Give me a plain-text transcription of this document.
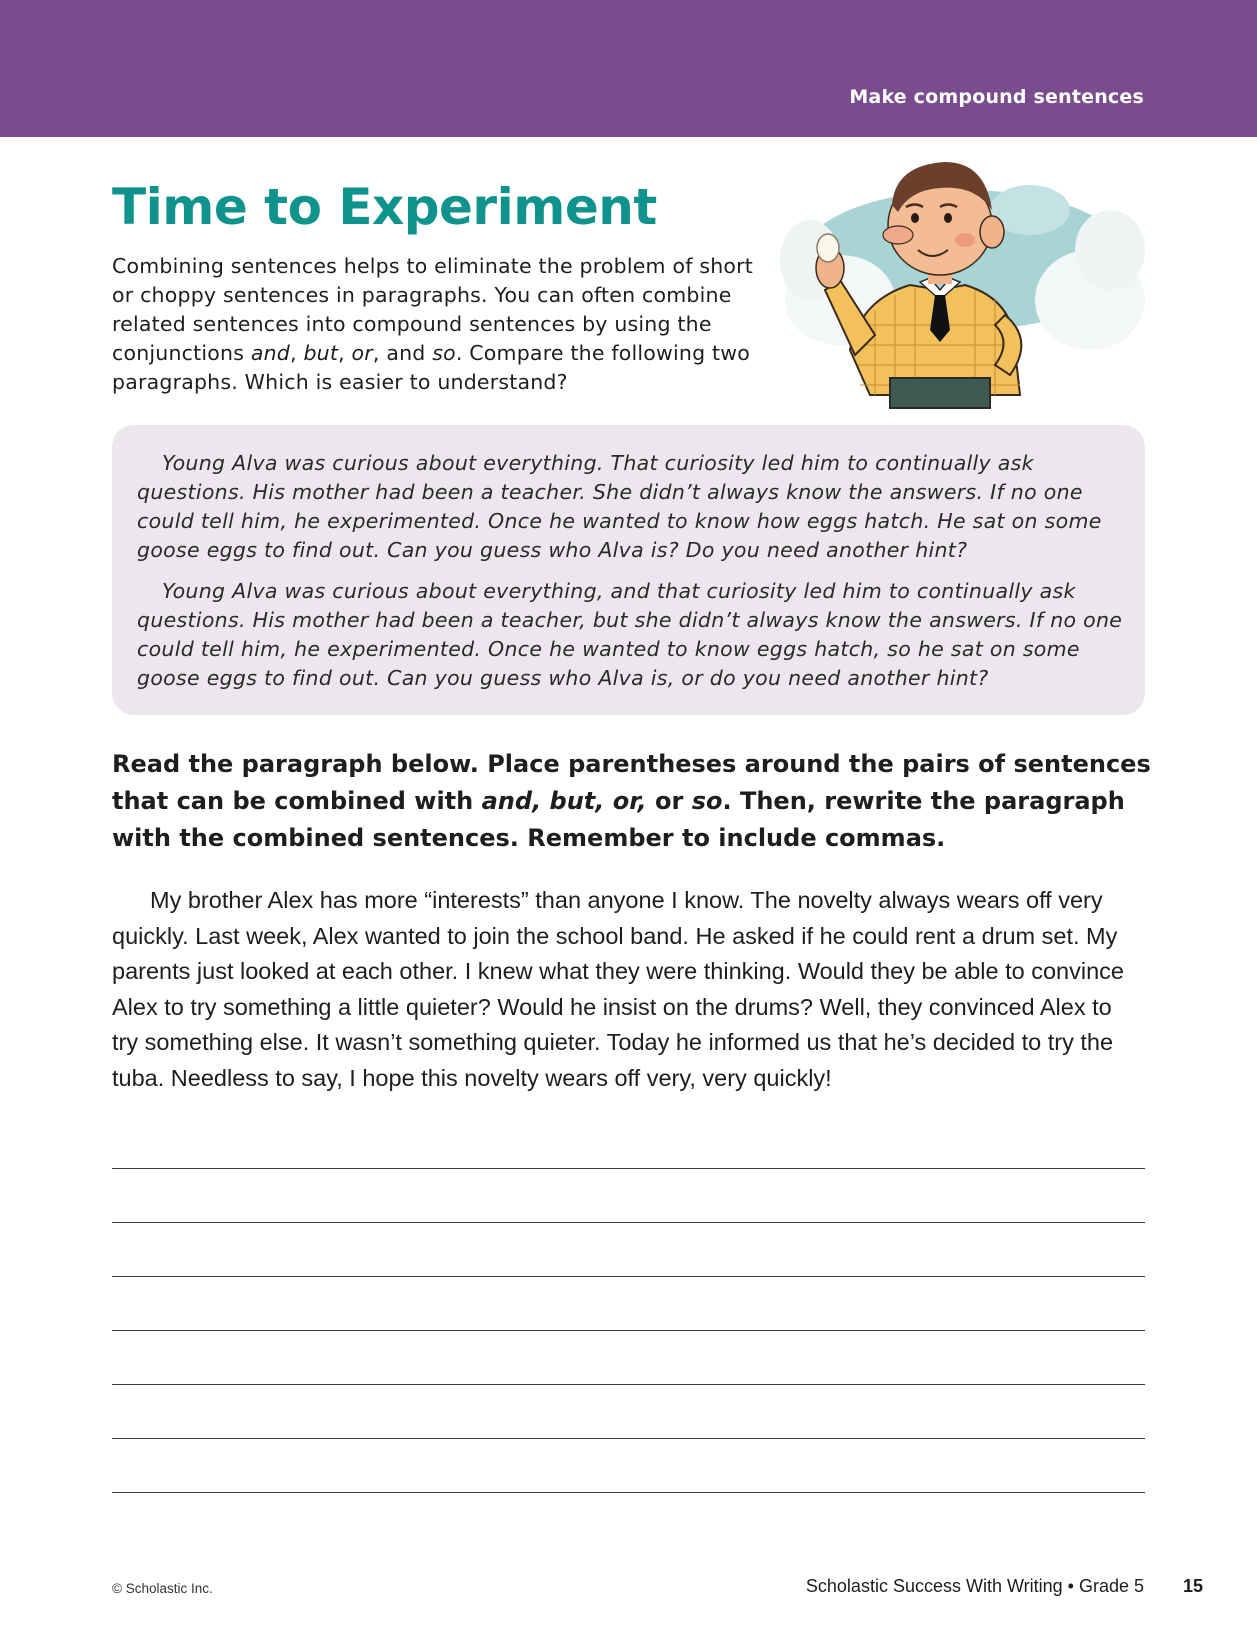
Make compound sentences
Time to Experiment

Combining sentences helps to eliminate the problem of short or choppy sentences in paragraphs. You can often combine related sentences into compound sentences by using the conjunctions and, but, or, and so. Compare the following two paragraphs. Which is easier to understand?

Young Alva was curious about everything. That curiosity led him to continually ask questions. His mother had been a teacher. She didn’t always know the answers. If no one could tell him, he experimented. Once he wanted to know how eggs hatch. He sat on some goose eggs to find out. Can you guess who Alva is? Do you need another hint?

Young Alva was curious about everything, and that curiosity led him to continually ask questions. His mother had been a teacher, but she didn’t always know the answers. If no one could tell him, he experimented. Once he wanted to know eggs hatch, so he sat on some goose eggs to find out. Can you guess who Alva is, or do you need another hint?

Read the paragraph below. Place parentheses around the pairs of sentences that can be combined with and, but, or, or so. Then, rewrite the paragraph with the combined sentences. Remember to include commas.

My brother Alex has more “interests” than anyone I know. The novelty always wears off very quickly. Last week, Alex wanted to join the school band. He asked if he could rent a drum set. My parents just looked at each other. I knew what they were thinking. Would they be able to convince Alex to try something a little quieter? Would he insist on the drums? Well, they convinced Alex to try something else. It wasn’t something quieter. Today he informed us that he’s decided to try the tuba. Needless to say, I hope this novelty wears off very, very quickly!

© Scholastic Inc.	Scholastic Success With Writing • Grade 5 15
